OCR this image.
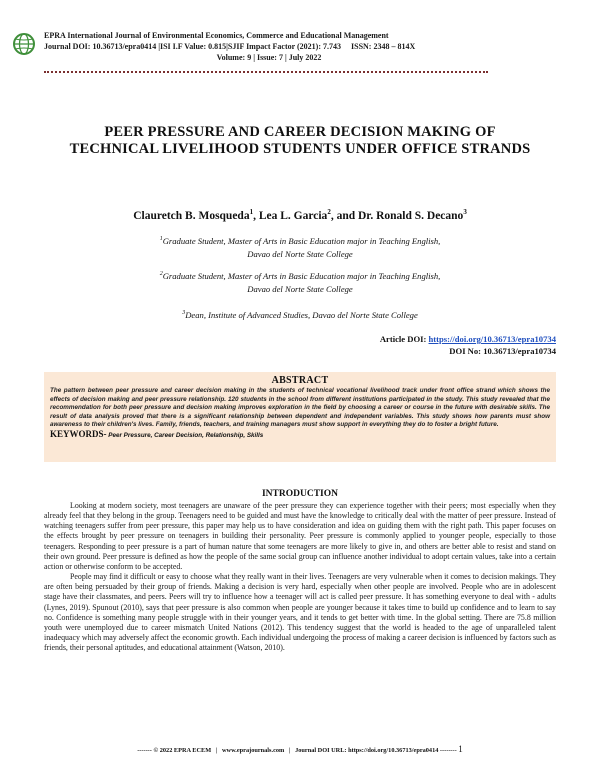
EPRA International Journal of Environmental Economics, Commerce and Educational Management
Journal DOI: 10.36713/epra0414 |ISI I.F Value: 0.815|SJIF Impact Factor (2021): 7.743     ISSN: 2348 – 814X
Volume: 9 | Issue: 7 | July 2022
PEER PRESSURE AND CAREER DECISION MAKING OF TECHNICAL LIVELIHOOD STUDENTS UNDER OFFICE STRANDS
Clauretch B. Mosqueda$^1$, Lea L. Garcia$^2$, and Dr. Ronald S. Decano$^3$
$^1$Graduate Student, Master of Arts in Basic Education major in Teaching English,
Davao del Norte State College
$^2$Graduate Student, Master of Arts in Basic Education major in Teaching English,
Davao del Norte State College
$^3$Dean, Institute of Advanced Studies, Davao del Norte State College
Article DOI: https://doi.org/10.36713/epra10734
DOI No: 10.36713/epra10734
ABSTRACT
The pattern between peer pressure and career decision making in the students of technical vocational livelihood track under front office strand which shows the effects of decision making and peer pressure relationship. 120 students in the school from different institutions participated in the study. This study revealed that the recommendation for both peer pressure and decision making improves exploration in the field by choosing a career or course in the future with desirable skills. The result of data analysis proved that there is a significant relationship between dependent and independent variables. This study shows how parents must show awareness to their children's lives. Family, friends, teachers, and training managers must show support in everything they do to foster a bright future.
KEYWORDS- Peer Pressure, Career Decision, Relationship, Skills
INTRODUCTION

Looking at modern society, most teenagers are unaware of the peer pressure they can experience together with their peers; most especially when they already feel that they belong in the group. Teenagers need to be guided and must have the knowledge to critically deal with the matter of peer pressure. Instead of watching teenagers suffer from peer pressure, this paper may help us to have consideration and idea on guiding them with the right path. This paper focuses on the effects brought by peer pressure on teenagers in building their personality. Peer pressure is commonly applied to younger people, especially to those teenagers. Responding to peer pressure is a part of human nature that some teenagers are more likely to give in, and others are better able to resist and stand on their own ground. Peer pressure is defined as how the people of the same social group can influence another individual to adopt certain values, take into a certain action or otherwise conform to be accepted.

People may find it difficult or easy to choose what they really want in their lives. Teenagers are very vulnerable when it comes to decision makings. They are often being persuaded by their group of friends. Making a decision is very hard, especially when other people are involved. People who are in adolescent stage have their classmates, and peers. Peers will try to influence how a teenager will act is called peer pressure. It has something everyone to deal with - adults (Lynes, 2019). Spunout (2010), says that peer pressure is also common when people are younger because it takes time to build up confidence and to learn to say no. Confidence is something many people struggle with in their younger years, and it tends to get better with time. In the global setting. There are 75.8 million youth were unemployed due to career mismatch United Nations (2012). This tendency suggest that the world is headed to the age of unparalleled talent inadequacy which may adversely affect the economic growth. Each individual undergoing the process of making a career decision is influenced by factors such as friends, their personal aptitudes, and educational attainment (Watson, 2010).

------- © 2022 EPRA ECEM   |   www.eprajournals.com   |   Journal DOI URL: https://doi.org/10.36713/epra0414 -------- 1
